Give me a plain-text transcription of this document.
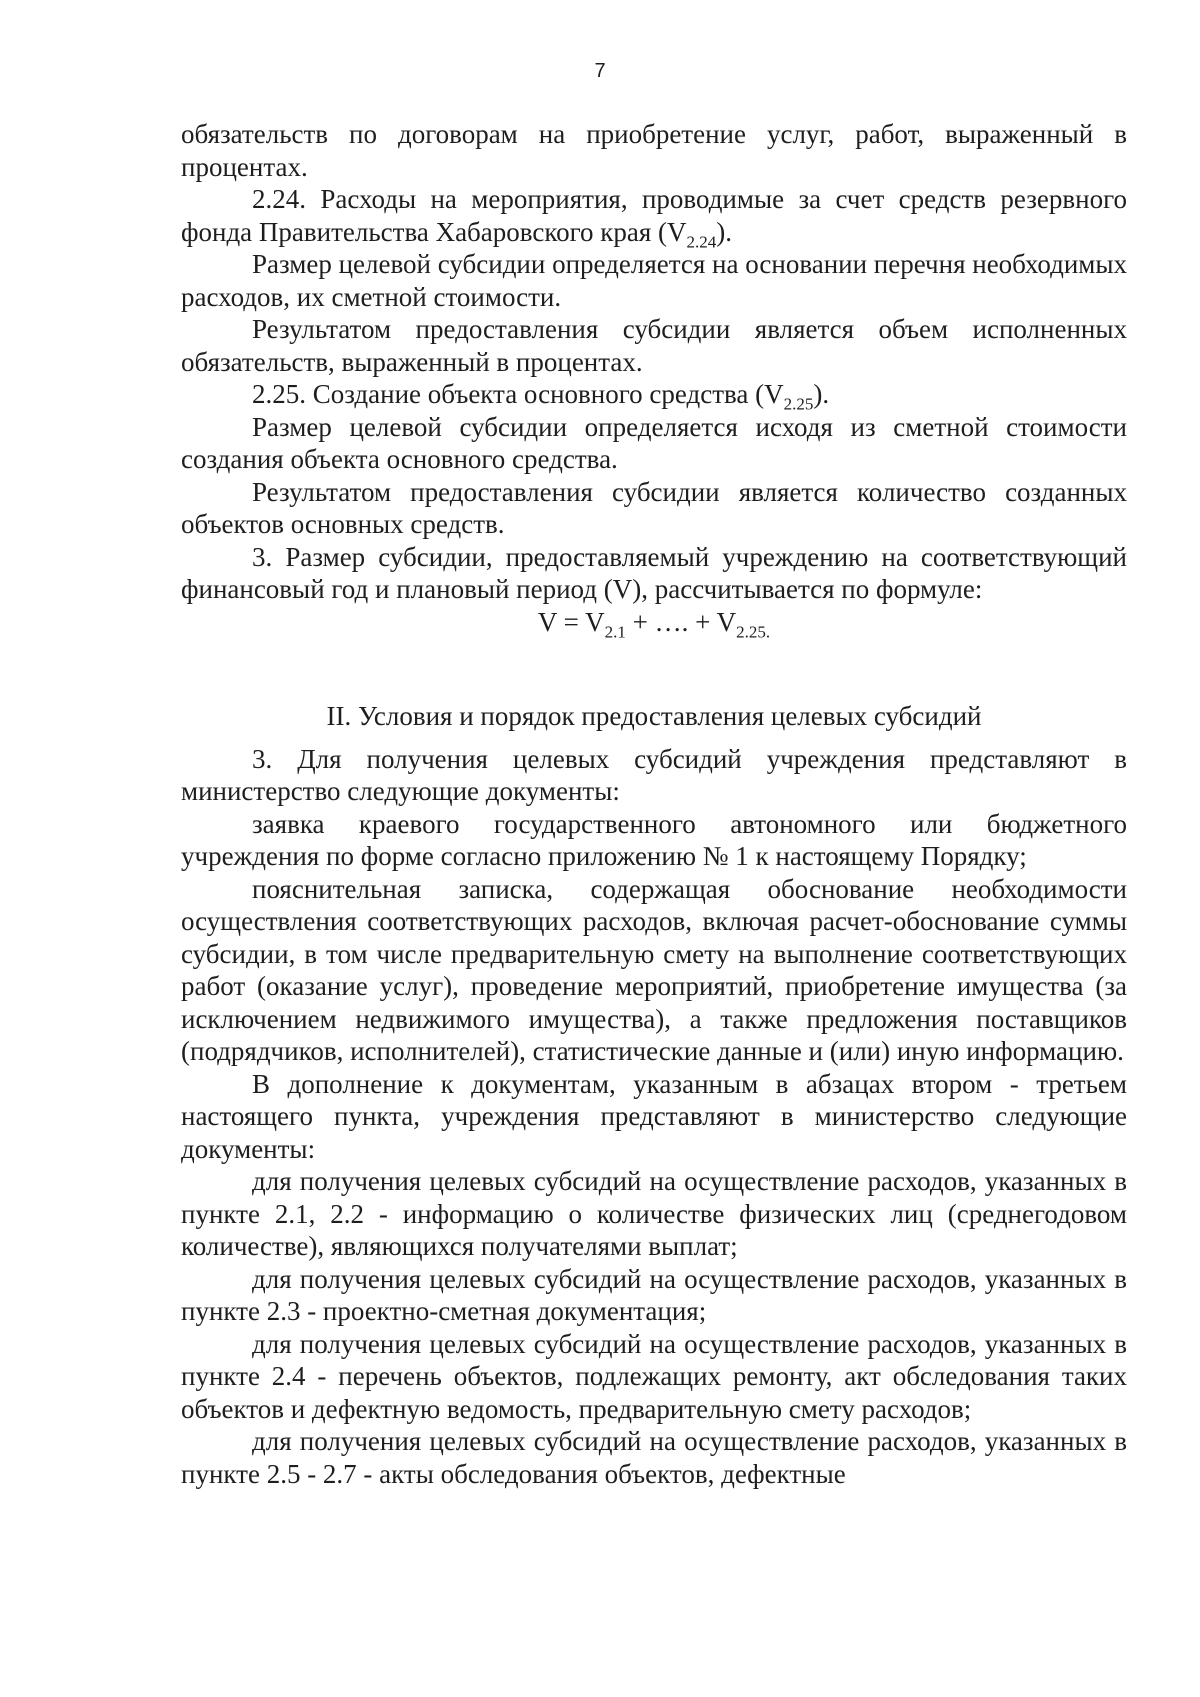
7

обязательств по договорам на приобретение услуг, работ, выраженный в процентах.

2.24. Расходы на мероприятия, проводимые за счет средств резервного фонда Правительства Хабаровского края $(V_{2.24})$.

Размер целевой субсидии определяется на основании перечня необходимых расходов, их сметной стоимости.

Результатом предоставления субсидии является объем исполненных обязательств, выраженный в процентах.

2.25. Создание объекта основного средства $(V_{2.25})$.

Размер целевой субсидии определяется исходя из сметной стоимости создания объекта основного средства.

Результатом предоставления субсидии является количество созданных объектов основных средств.

3. Размер субсидии, предоставляемый учреждению на соответствующий финансовый год и плановый период (V), рассчитывается по формуле:

$V = V_{2.1}$ + …. + $V_{2.25.}$

II. Условия и порядок предоставления целевых субсидий

3. Для получения целевых субсидий учреждения представляют в министерство следующие документы:

заявка краевого государственного автономного или бюджетного учреждения по форме согласно приложению № 1 к настоящему Порядку;

пояснительная записка, содержащая обоснование необходимости осуществления соответствующих расходов, включая расчет-обоснование суммы субсидии, в том числе предварительную смету на выполнение соответствующих работ (оказание услуг), проведение мероприятий, приобретение имущества (за исключением недвижимого имущества), а также предложения поставщиков (подрядчиков, исполнителей), статистические данные и (или) иную информацию.

В дополнение к документам, указанным в абзацах втором - третьем настоящего пункта, учреждения представляют в министерство следующие документы:

для получения целевых субсидий на осуществление расходов, указанных в пункте 2.1, 2.2 - информацию о количестве физических лиц (среднегодовом количестве), являющихся получателями выплат;

для получения целевых субсидий на осуществление расходов, указанных в пункте 2.3 - проектно-сметная документация;

для получения целевых субсидий на осуществление расходов, указанных в пункте 2.4 - перечень объектов, подлежащих ремонту, акт обследования таких объектов и дефектную ведомость, предварительную смету расходов;

для получения целевых субсидий на осуществление расходов, указанных в пункте 2.5 - 2.7 - акты обследования объектов, дефектные
